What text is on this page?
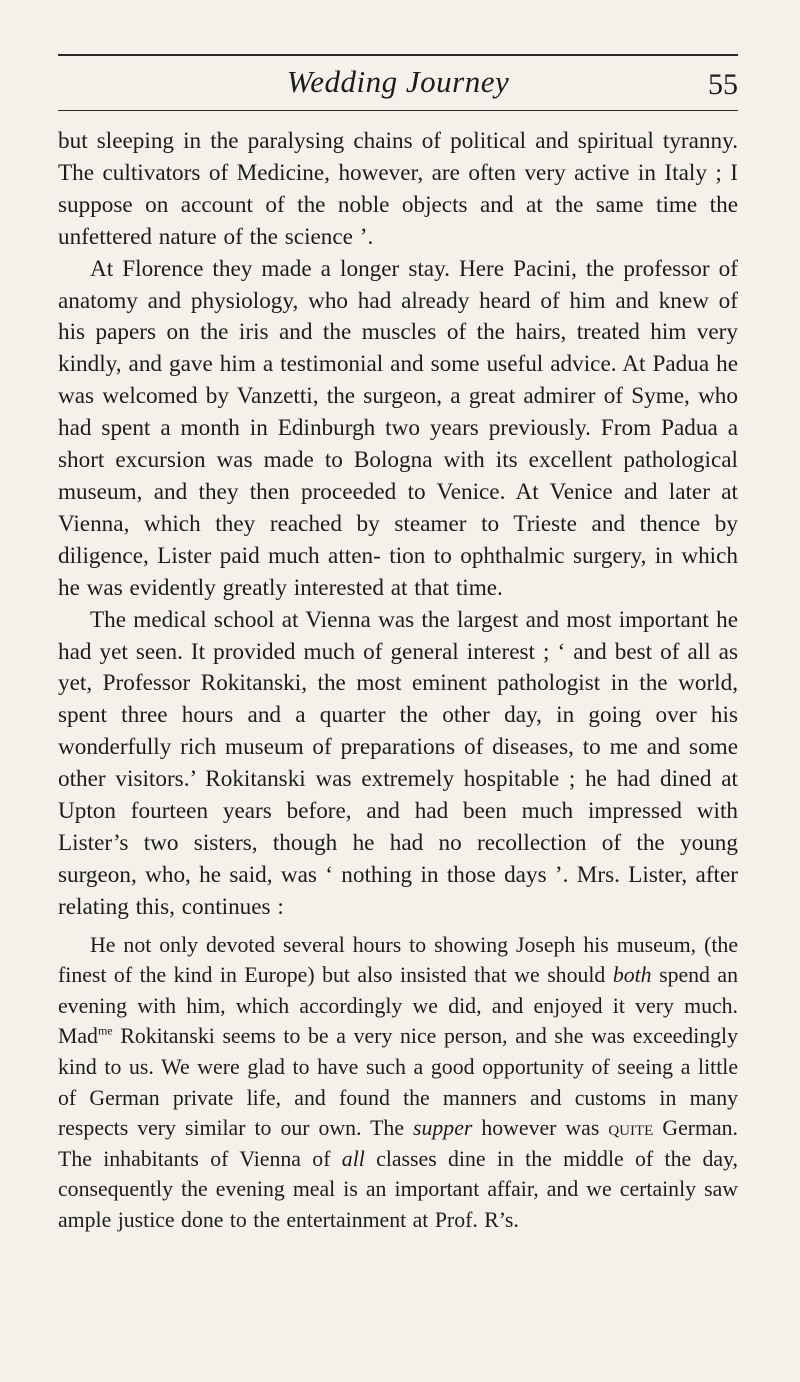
Wedding Journey	55

but sleeping in the paralysing chains of political and spiritual tyranny. The cultivators of Medicine, however, are often very active in Italy ; I suppose on account of the noble objects and at the same time the unfettered nature of the science ’.

At Florence they made a longer stay. Here Pacini, the professor of anatomy and physiology, who had already heard of him and knew of his papers on the iris and the muscles of the hairs, treated him very kindly, and gave him a testimonial and some useful advice. At Padua he was welcomed by Vanzetti, the surgeon, a great admirer of Syme, who had spent a month in Edinburgh two years previously. From Padua a short excursion was made to Bologna with its excellent pathological museum, and they then proceeded to Venice. At Venice and later at Vienna, which they reached by steamer to Trieste and thence by diligence, Lister paid much atten- tion to ophthalmic surgery, in which he was evidently greatly interested at that time.

The medical school at Vienna was the largest and most important he had yet seen. It provided much of general interest ; ‘ and best of all as yet, Professor Rokitanski, the most eminent pathologist in the world, spent three hours and a quarter the other day, in going over his wonderfully rich museum of preparations of diseases, to me and some other visitors.’ Rokitanski was extremely hospitable ; he had dined at Upton fourteen years before, and had been much impressed with Lister’s two sisters, though he had no recollection of the young surgeon, who, he said, was ‘ nothing in those days ’. Mrs. Lister, after relating this, continues :

He not only devoted several hours to showing Joseph his museum, (the finest of the kind in Europe) but also insisted that we should both spend an evening with him, which accordingly we did, and enjoyed it very much. Mad$^{me}$ Rokitanski seems to be a very nice person, and she was exceedingly kind to us. We were glad to have such a good opportunity of seeing a little of German private life, and found the manners and customs in many respects very similar to our own. The supper however was quite German. The inhabitants of Vienna of all classes dine in the middle of the day, consequently the evening meal is an important affair, and we certainly saw ample justice done to the entertainment at Prof. R’s.
